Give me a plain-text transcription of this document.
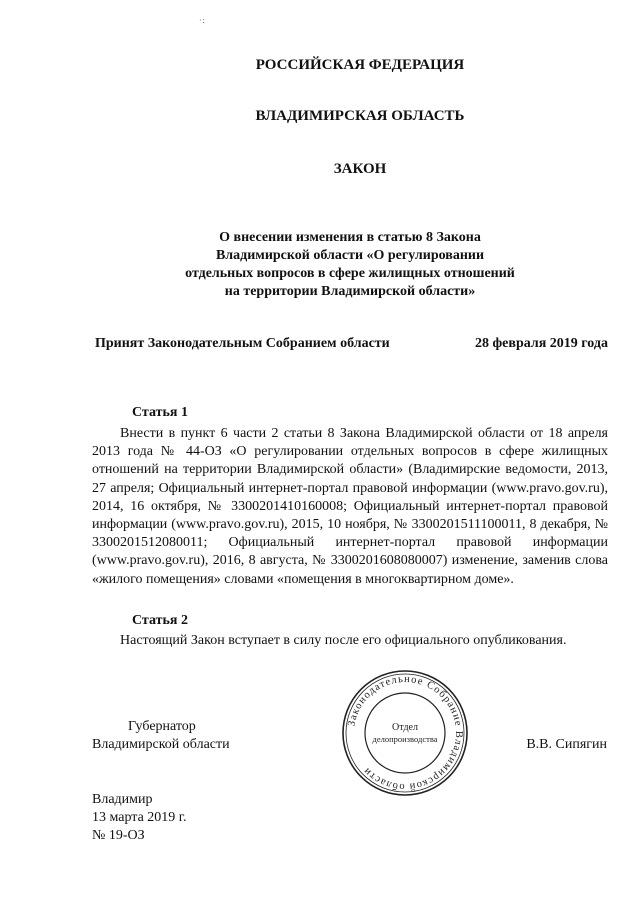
·:
РОССИЙСКАЯ ФЕДЕРАЦИЯ
ВЛАДИМИРСКАЯ ОБЛАСТЬ
ЗАКОН
О внесении изменения в статью 8 Закона
Владимирской области «О регулировании
отдельных вопросов в сфере жилищных отношений
на территории Владимирской области»
Принят Законодательным Собранием области	28 февраля 2019 года
Статья 1
Внести в пункт 6 части 2 статьи 8 Закона Владимирской области от 18 апреля 2013 года № 44-ОЗ «О регулировании отдельных вопросов в сфере жилищных отношений на территории Владимирской области» (Владимирские ведомости, 2013, 27 апреля; Официальный интернет-портал правовой информации (www.pravo.gov.ru), 2014, 16 октября, № 3300201410160008; Официальный интернет-портал правовой информации (www.pravo.gov.ru), 2015, 10 ноября, № 3300201511100011, 8 декабря, № 3300201512080011; Официальный интернет-портал правовой информации (www.pravo.gov.ru), 2016, 8 августа, № 3300201608080007) изменение, заменив слова «жилого помещения» словами «помещения в многоквартирном доме».
Статья 2
Настоящий Закон вступает в силу после его официального опубликования.
Губернатор
Владимирской области	В.В. Сипягин
Законодательное Собрание Владимирской области
Отдел
делопроизводства
Владимир
13 марта 2019 г.
№ 19-ОЗ
